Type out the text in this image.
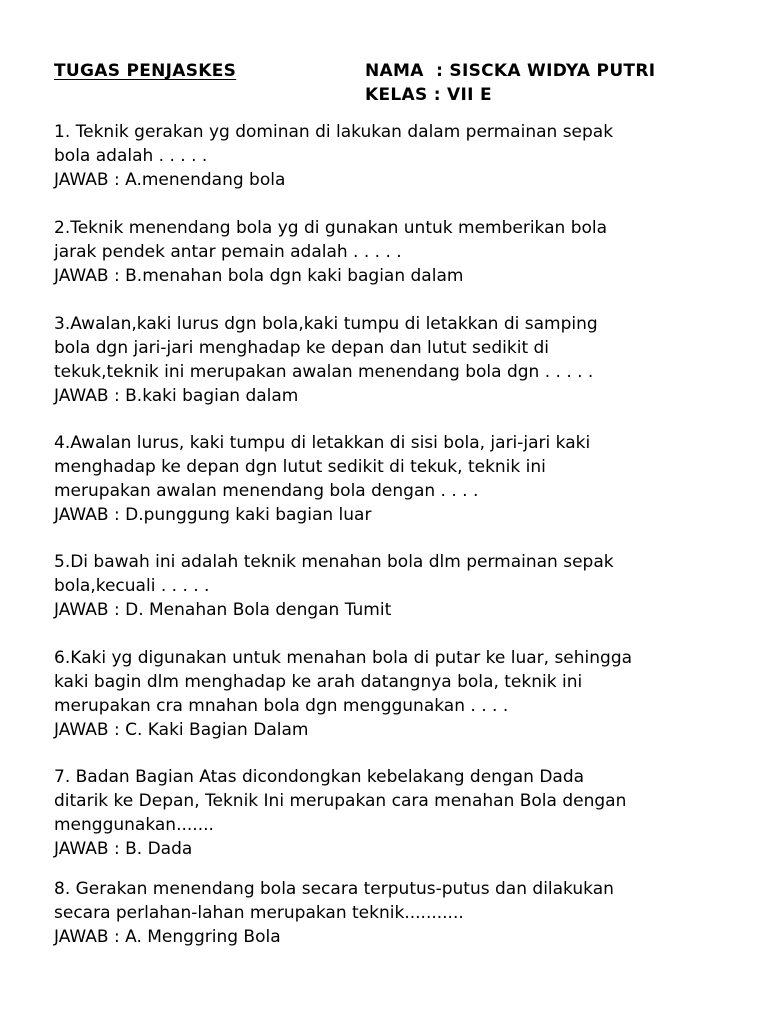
TUGAS PENJASKES	NAMA  : SISCKA WIDYA PUTRI
KELAS : VII E

1. Teknik gerakan yg dominan di lakukan dalam permainan sepak
bola adalah . . . . .

JAWAB : A.menendang bola

2.Teknik menendang bola yg di gunakan untuk memberikan bola
jarak pendek antar pemain adalah . . . . .

JAWAB : B.menahan bola dgn kaki bagian dalam

3.Awalan,kaki lurus dgn bola,kaki tumpu di letakkan di samping
bola dgn jari-jari menghadap ke depan dan lutut sedikit di
tekuk,teknik ini merupakan awalan menendang bola dgn . . . . .

JAWAB : B.kaki bagian dalam

4.Awalan lurus, kaki tumpu di letakkan di sisi bola, jari-jari kaki
menghadap ke depan dgn lutut sedikit di tekuk, teknik ini
merupakan awalan menendang bola dengan . . . .

JAWAB : D.punggung kaki bagian luar

5.Di bawah ini adalah teknik menahan bola dlm permainan sepak
bola,kecuali . . . . .

JAWAB : D. Menahan Bola dengan Tumit

6.Kaki yg digunakan untuk menahan bola di putar ke luar, sehingga
kaki bagin dlm menghadap ke arah datangnya bola, teknik ini
merupakan cra mnahan bola dgn menggunakan . . . .

JAWAB : C. Kaki Bagian Dalam

7. Badan Bagian Atas dicondongkan kebelakang dengan Dada
ditarik ke Depan, Teknik Ini merupakan cara menahan Bola dengan
menggunakan.......

JAWAB : B. Dada

8. Gerakan menendang bola secara terputus-putus dan dilakukan
secara perlahan-lahan merupakan teknik...........

JAWAB : A. Menggring Bola
